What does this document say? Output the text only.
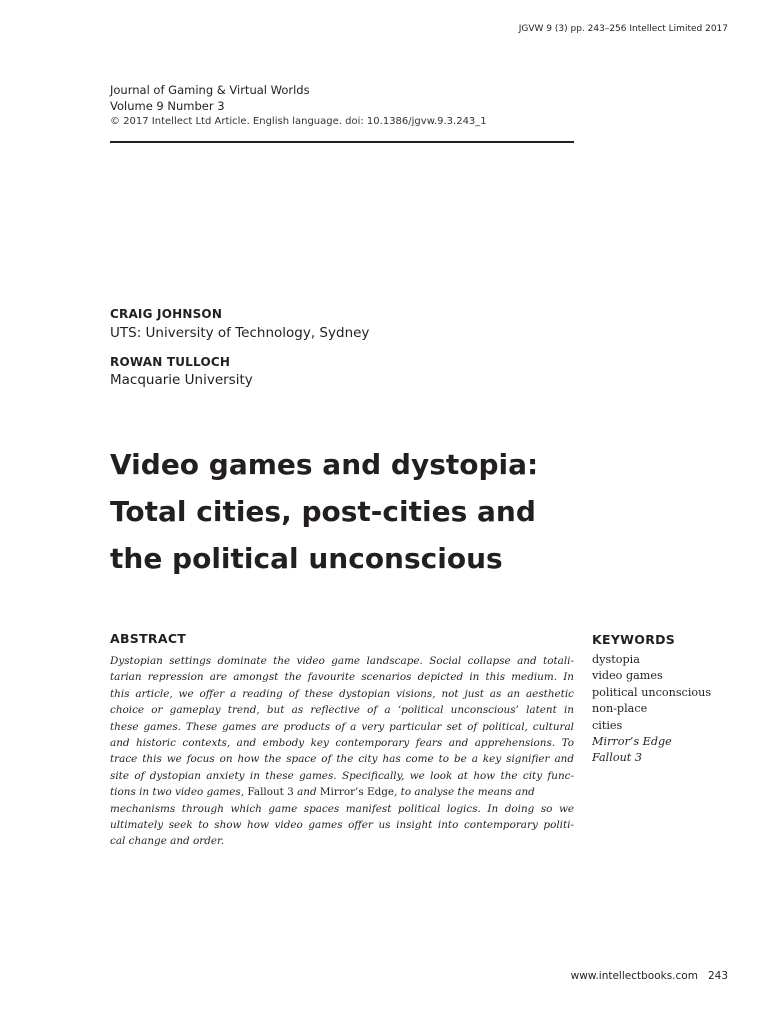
JGVW 9 (3) pp. 243–256 Intellect Limited 2017
Journal of Gaming & Virtual Worlds
Volume 9 Number 3
© 2017 Intellect Ltd Article. English language. doi: 10.1386/jgvw.9.3.243_1
CRAIG JOHNSON
UTS: University of Technology, Sydney
ROWAN TULLOCH
Macquarie University
Video games and dystopia:
Total cities, post-cities and
the political unconscious
ABSTRACT
Dystopian settings dominate the video game landscape. Social collapse and totali-
tarian repression are amongst the favourite scenarios depicted in this medium. In
this article, we offer a reading of these dystopian visions, not just as an aesthetic
choice or gameplay trend, but as reflective of a ‘political unconscious’ latent in
these games. These games are products of a very particular set of political, cultural
and historic contexts, and embody key contemporary fears and apprehensions. To
trace this we focus on how the space of the city has come to be a key signifier and
site of dystopian anxiety in these games. Specifically, we look at how the city func-
tions in two video games, Fallout 3 and Mirror’s Edge, to analyse the means and
mechanisms through which game spaces manifest political logics. In doing so we
ultimately seek to show how video games offer us insight into contemporary politi-
cal change and order.
KEYWORDS
dystopia
video games
political unconscious
non-place
cities
Mirror’s Edge
Fallout 3
www.intellectbooks.com 243
